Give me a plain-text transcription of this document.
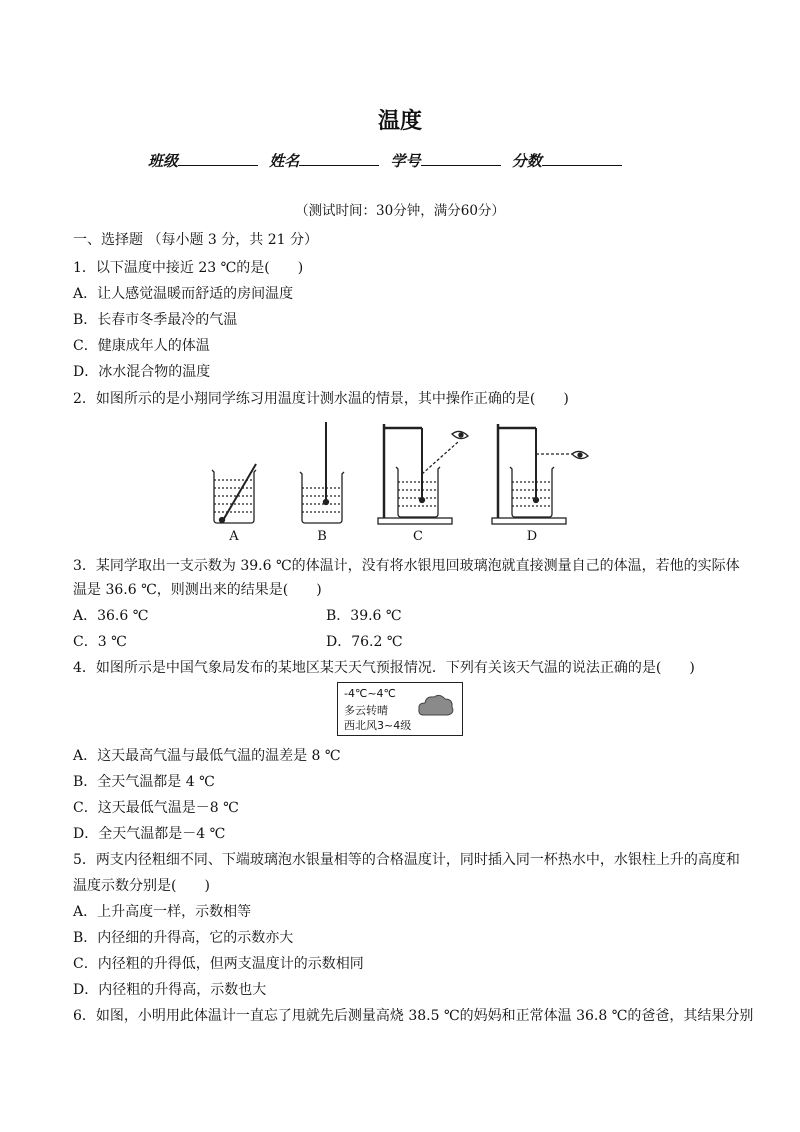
温度
班级	姓名	学号	分数
（测试时间：30分钟，满分60分）
一、选择题 （每小题 3 分，共 21 分）
1．以下温度中接近 23 ℃的是(　　)
A．让人感觉温暖而舒适的房间温度
B．长春市冬季最冷的气温
C．健康成年人的体温
D．冰水混合物的温度
2．如图所示的是小翔同学练习用温度计测水温的情景，其中操作正确的是(　　)
A	B	C	D
3．某同学取出一支示数为 39.6 ℃的体温计，没有将水银甩回玻璃泡就直接测量自己的体温，若他的实际体
温是 36.6 ℃，则测出来的结果是(　　)
A．36.6 ℃	B．39.6 ℃
C．3 ℃	D．76.2 ℃
4．如图所示是中国气象局发布的某地区某天天气预报情况．下列有关该天气温的说法正确的是(　　)
-4℃~4℃
多云转晴
西北风3~4级
A．这天最高气温与最低气温的温差是 8 ℃
B．全天气温都是 4 ℃
C．这天最低气温是－8 ℃
D．全天气温都是－4 ℃
5．两支内径粗细不同、下端玻璃泡水银量相等的合格温度计，同时插入同一杯热水中，水银柱上升的高度和
温度示数分别是(　　)
A．上升高度一样，示数相等
B．内径细的升得高，它的示数亦大
C．内径粗的升得低，但两支温度计的示数相同
D．内径粗的升得高，示数也大
6．如图，小明用此体温计一直忘了甩就先后测量高烧 38.5 ℃的妈妈和正常体温 36.8 ℃的爸爸，其结果分别
